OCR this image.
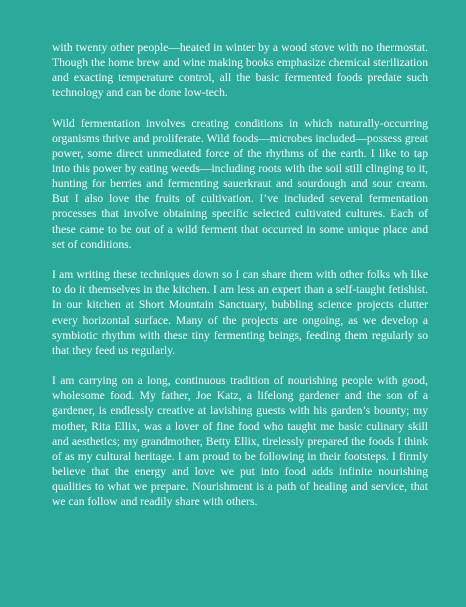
with twenty other people—heated in winter by a wood stove with no thermostat. Though the home brew and wine making books emphasize chemical sterilization and exacting temperature control, all the basic fermented foods predate such technology and can be done low-tech.

Wild fermentation involves creating conditions in which naturally-occurring organisms thrive and proliferate. Wild foods—microbes included—possess great power, some direct unmediated force of the rhythms of the earth. I like to tap into this power by eating weeds—including roots with the soil still clinging to it, hunting for berries and fermenting sauerkraut and sourdough and sour cream. But I also love the fruits of cultivation. I’ve included several fermentation processes that involve obtaining specific selected cultivated cultures. Each of these came to be out of a wild ferment that occurred in some unique place and set of conditions.

I am writing these techniques down so I can share them with other folks wh like to do it themselves in the kitchen. I am less an expert than a self-taught fetishist. In our kitchen at Short Mountain Sanctuary, bubbling science projects clutter every horizontal surface. Many of the projects are ongoing, as we develop a symbiotic rhythm with these tiny fermenting beings, feeding them regularly so that they feed us regularly.

I am carrying on a long, continuous tradition of nourishing people with good, wholesome food. My father, Joe Katz, a lifelong gardener and the son of a gardener, is endlessly creative at lavishing guests with his garden’s bounty; my mother, Rita Ellix, was a lover of fine food who taught me basic culinary skill and aesthetics; my grandmother, Betty Ellix, tirelessly prepared the foods I think of as my cultural heritage. I am proud to be following in their footsteps. I firmly believe that the energy and love we put into food adds infinite nourishing qualities to what we prepare. Nourishment is a path of healing and service, that we can follow and readily share with others.
